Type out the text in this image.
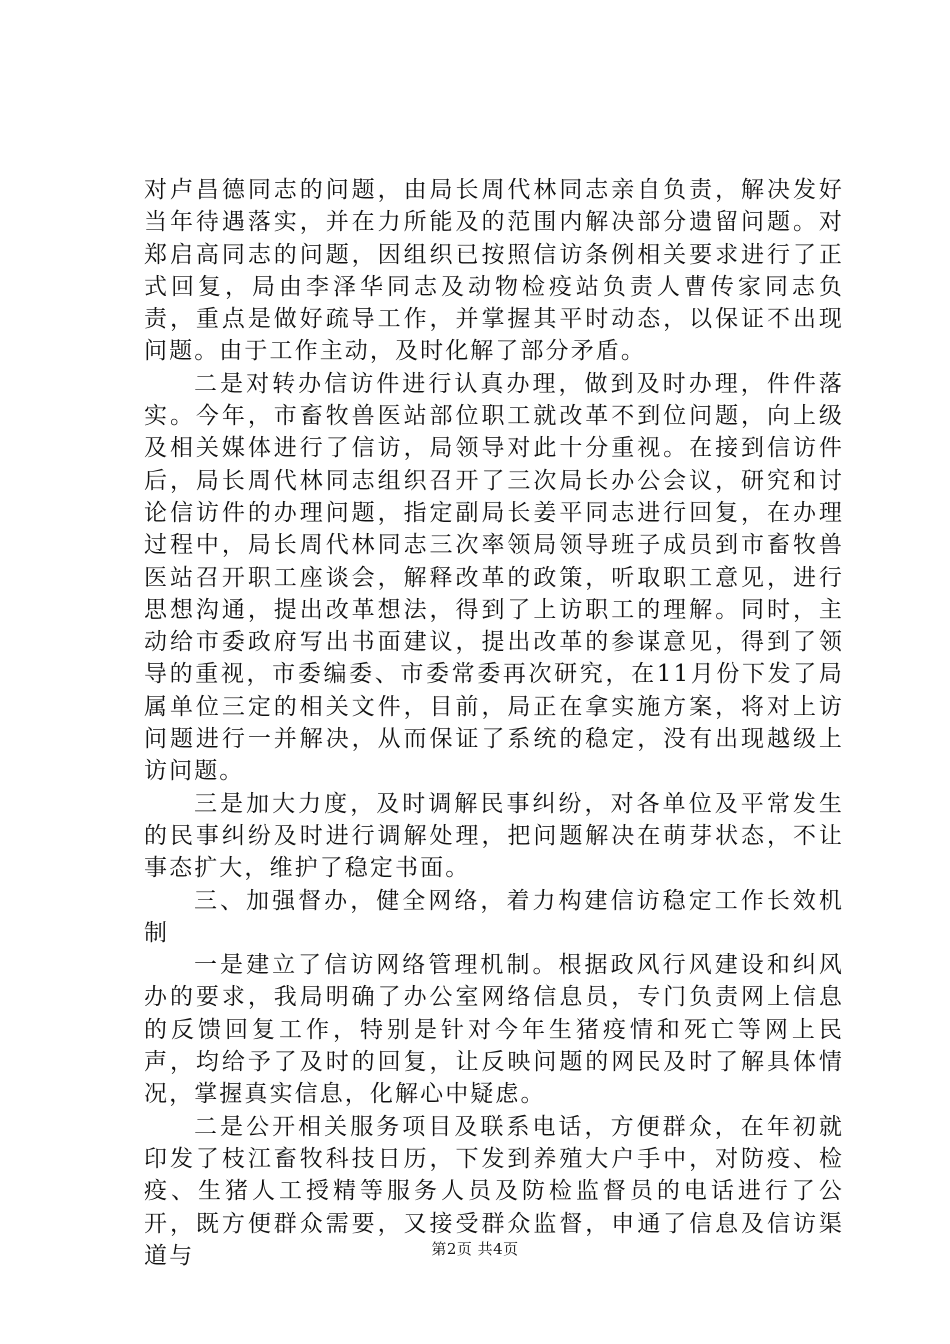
对卢昌德同志的问题，由局长周代林同志亲自负责，解决发好当年待遇落实，并在力所能及的范围内解决部分遗留问题。对郑启高同志的问题，因组织已按照信访条例相关要求进行了正式回复，局由李泽华同志及动物检疫站负责人曹传家同志负责，重点是做好疏导工作，并掌握其平时动态，以保证不出现问题。由于工作主动，及时化解了部分矛盾。

二是对转办信访件进行认真办理，做到及时办理，件件落实。今年，市畜牧兽医站部位职工就改革不到位问题，向上级及相关媒体进行了信访，局领导对此十分重视。在接到信访件后，局长周代林同志组织召开了三次局长办公会议，研究和讨论信访件的办理问题，指定副局长姜平同志进行回复，在办理过程中，局长周代林同志三次率领局领导班子成员到市畜牧兽医站召开职工座谈会，解释改革的政策，听取职工意见，进行思想沟通，提出改革想法，得到了上访职工的理解。同时，主动给市委政府写出书面建议，提出改革的参谋意见，得到了领导的重视，市委编委、市委常委再次研究，在11月份下发了局属单位三定的相关文件，目前，局正在拿实施方案，将对上访问题进行一并解决，从而保证了系统的稳定，没有出现越级上访问题。

三是加大力度，及时调解民事纠纷，对各单位及平常发生的民事纠纷及时进行调解处理，把问题解决在萌芽状态，不让事态扩大，维护了稳定书面。

三、加强督办，健全网络，着力构建信访稳定工作长效机制

一是建立了信访网络管理机制。根据政风行风建设和纠风办的要求，我局明确了办公室网络信息员，专门负责网上信息的反馈回复工作，特别是针对今年生猪疫情和死亡等网上民声，均给予了及时的回复，让反映问题的网民及时了解具体情况，掌握真实信息，化解心中疑虑。

二是公开相关服务项目及联系电话，方便群众，在年初就印发了枝江畜牧科技日历，下发到养殖大户手中，对防疫、检疫、生猪人工授精等服务人员及防检监督员的电话进行了公开，既方便群众需要，又接受群众监督，申通了信息及信访渠道与	第2页 共4页
